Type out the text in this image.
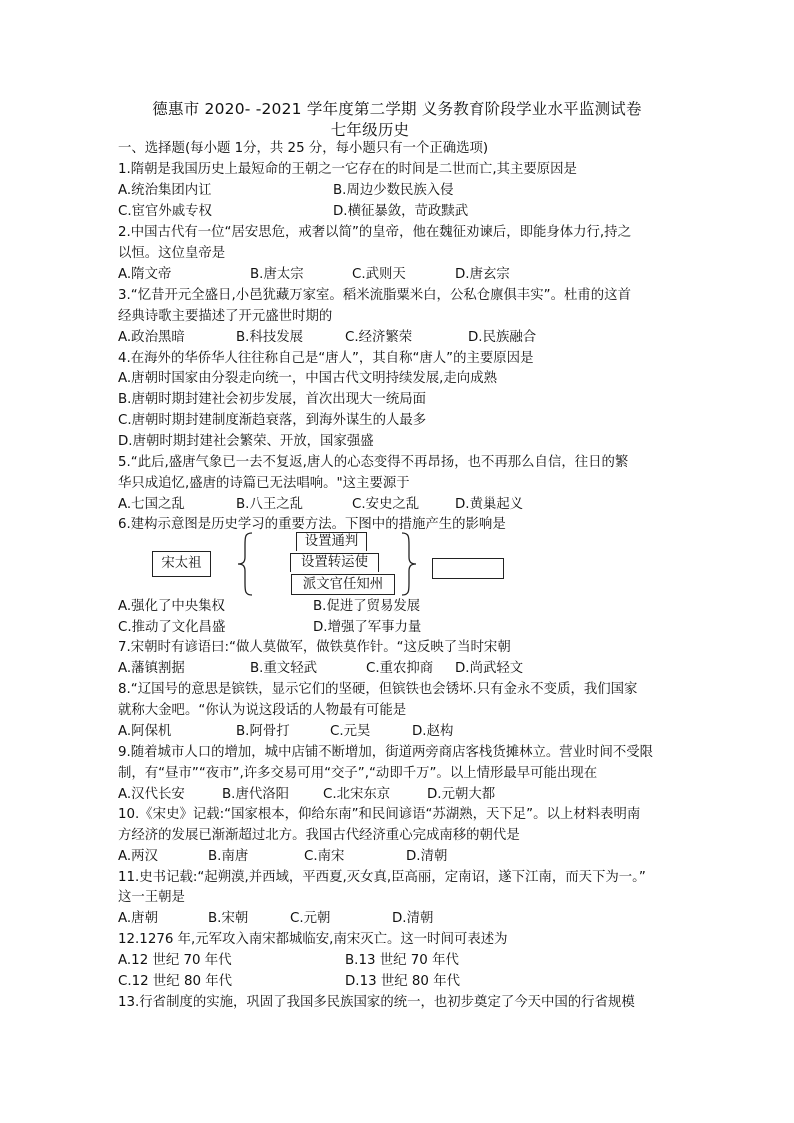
德惠市 2020- -2021 学年度第二学期 义务教育阶段学业水平监测试卷
七年级历史
一、选择题(每小题 1分，共 25 分，每小题只有一个正确选项)
1.隋朝是我国历史上最短命的王朝之一它存在的时间是二世而亡,其主要原因是
A.统治集团内讧	B.周边少数民族入侵
C.宦官外戚专权	D.横征暴敛，苛政黩武
2.中国古代有一位“居安思危，戒奢以简”的皇帝，他在魏征劝谏后，即能身体力行,持之
以恒。这位皇帝是
A.隋文帝	B.唐太宗	C.武则天	D.唐玄宗
3.“忆昔开元全盛日,小邑犹藏万家室。稻米流脂粟米白，公私仓廪俱丰实”。杜甫的这首
经典诗歌主要描述了开元盛世时期的
A.政治黑暗	B.科技发展	C.经济繁荣	D.民族融合
4.在海外的华侨华人往往称自己是“唐人”，其自称“唐人”的主要原因是
A.唐朝时国家由分裂走向统一，中国古代文明持续发展,走向成熟
B.唐朝时期封建社会初步发展，首次出现大一统局面
C.唐朝时期封建制度渐趋衰落，到海外谋生的人最多
D.唐朝时期封建社会繁荣、开放，国家强盛
5.“此后,盛唐气象已一去不复返,唐人的心态变得不再昂扬，也不再那么自信，往日的繁
华只成追忆,盛唐的诗篇已无法唱响。"这主要源于
A.七国之乱	B.八王之乱	C.安史之乱	D.黄巢起义
6.建构示意图是历史学习的重要方法。下图中的措施产生的影响是
宋太祖
设置通判
设置转运使
派文官任知州
A.强化了中央集权	B.促进了贸易发展
C.推动了文化昌盛	D.增强了军事力量
7.宋朝时有谚语曰:“做人莫做军，做铁莫作针。“这反映了当时宋朝
A.藩镇割据	B.重文轻武	C.重农抑商 D.尚武轻文
8.“辽国号的意思是镔铁，显示它们的坚硬，但镔铁也会锈坏.只有金永不变质，我们国家
就称大金吧。“你认为说这段话的人物最有可能是
A.阿保机	B.阿骨打	C.元昊	D.赵构
9.随着城市人口的增加，城中店铺不断增加，街道两旁商店客栈货摊林立。营业时间不受限
制，有“昼市”“夜市”,许多交易可用“交子”,“动即千万”。以上情形最早可能出现在
A.汉代长安	B.唐代洛阳	C.北宋东京	D.元朝大都
10.《宋史》记载:“国家根本，仰给东南”和民间谚语“苏湖熟，天下足”。以上材料表明南
方经济的发展已渐渐超过北方。我国古代经济重心完成南移的朝代是
A.两汉	B.南唐	C.南宋	D.清朝
11.史书记载:“起朔漠,并西域，平西夏,灭女真,臣高丽，定南诏，遂下江南，而天下为一。”
这一王朝是
A.唐朝	B.宋朝	C.元朝	D.清朝
12.1276 年,元军攻入南宋都城临安,南宋灭亡。这一时间可表述为
A.12 世纪 70 年代	B.13 世纪 70 年代
C.12 世纪 80 年代	D.13 世纪 80 年代
13.行省制度的实施，巩固了我国多民族国家的统一，也初步奠定了今天中国的行省规模
